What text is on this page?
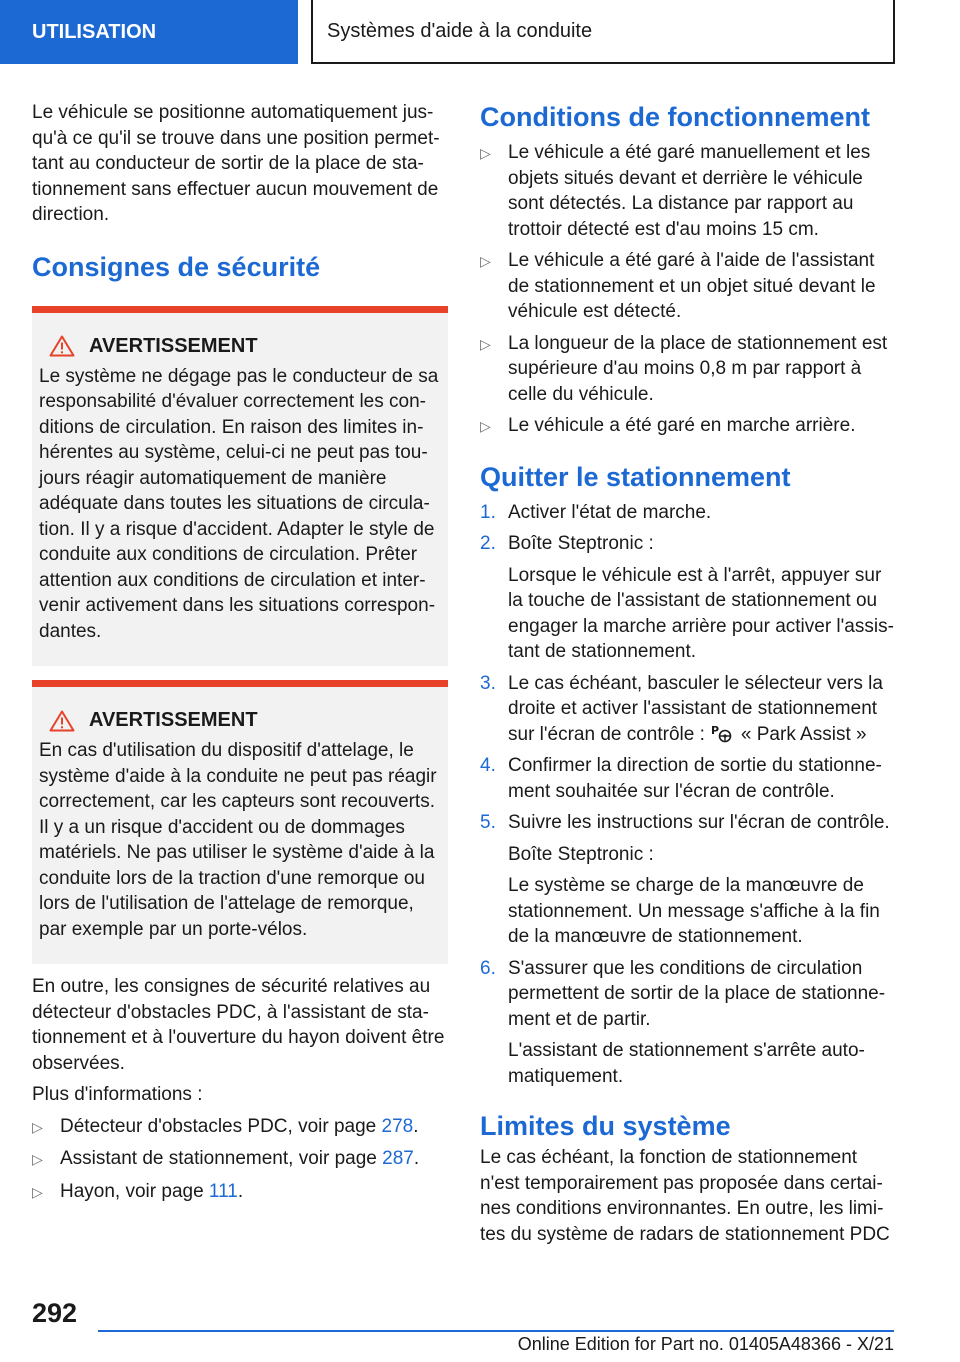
UTILISATION	Systèmes d'aide à la conduite

Le véhicule se positionne automatiquement jus-qu'à ce qu'il se trouve dans une position permet-tant au conducteur de sortir de la place de sta-tionnement sans effectuer aucun mouvement de direction.

Consignes de sécurité
AVERTISSEMENT

Le système ne dégage pas le conducteur de sa responsabilité d'évaluer correctement les con-ditions de circulation. En raison des limites in-hérentes au système, celui-ci ne peut pas tou-jours réagir automatiquement de manière adéquate dans toutes les situations de circula-tion. Il y a risque d'accident. Adapter le style de conduite aux conditions de circulation. Prêter attention aux conditions de circulation et inter-venir activement dans les situations correspon-dantes.

AVERTISSEMENT

En cas d'utilisation du dispositif d'attelage, le système d'aide à la conduite ne peut pas réagir correctement, car les capteurs sont recouverts. Il y a un risque d'accident ou de dommages matériels. Ne pas utiliser le système d'aide à la conduite lors de la traction d'une remorque ou lors de l'utilisation de l'attelage de remorque, par exemple par un porte-vélos.

En outre, les consignes de sécurité relatives au détecteur d'obstacles PDC, à l'assistant de sta-tionnement et à l'ouverture du hayon doivent être observées.

Plus d'informations :

▷ Détecteur d'obstacles PDC, voir page 278.
▷ Assistant de stationnement, voir page 287.
▷ Hayon, voir page 111.
Conditions de fonctionnement
▷ Le véhicule a été garé manuellement et les objets situés devant et derrière le véhicule sont détectés. La distance par rapport au trottoir détecté est d'au moins 15 cm.
▷ Le véhicule a été garé à l'aide de l'assistant de stationnement et un objet situé devant le véhicule est détecté.
▷ La longueur de la place de stationnement est supérieure d'au moins 0,8 m par rapport à celle du véhicule.
▷ Le véhicule a été garé en marche arrière.
Quitter le stationnement
1. Activer l'état de marche.
2. Boîte Steptronic :
Lorsque le véhicule est à l'arrêt, appuyer sur la touche de l'assistant de stationnement ou engager la marche arrière pour activer l'assis-tant de stationnement.
3. Le cas échéant, basculer le sélecteur vers la droite et activer l'assistant de stationnement sur l'écran de contrôle : P « Park Assist »
4. Confirmer la direction de sortie du stationne-ment souhaitée sur l'écran de contrôle.
5. Suivre les instructions sur l'écran de contrôle.
Boîte Steptronic :
Le système se charge de la manœuvre de stationnement. Un message s'affiche à la fin de la manœuvre de stationnement.
6. S'assurer que les conditions de circulation permettent de sortir de la place de stationne-ment et de partir.
L'assistant de stationnement s'arrête auto-matiquement.
Limites du système

Le cas échéant, la fonction de stationnement n'est temporairement pas proposée dans certai-nes conditions environnantes. En outre, les limi-tes du système de radars de stationnement PDC

292
Online Edition for Part no. 01405A48366 - X/21
